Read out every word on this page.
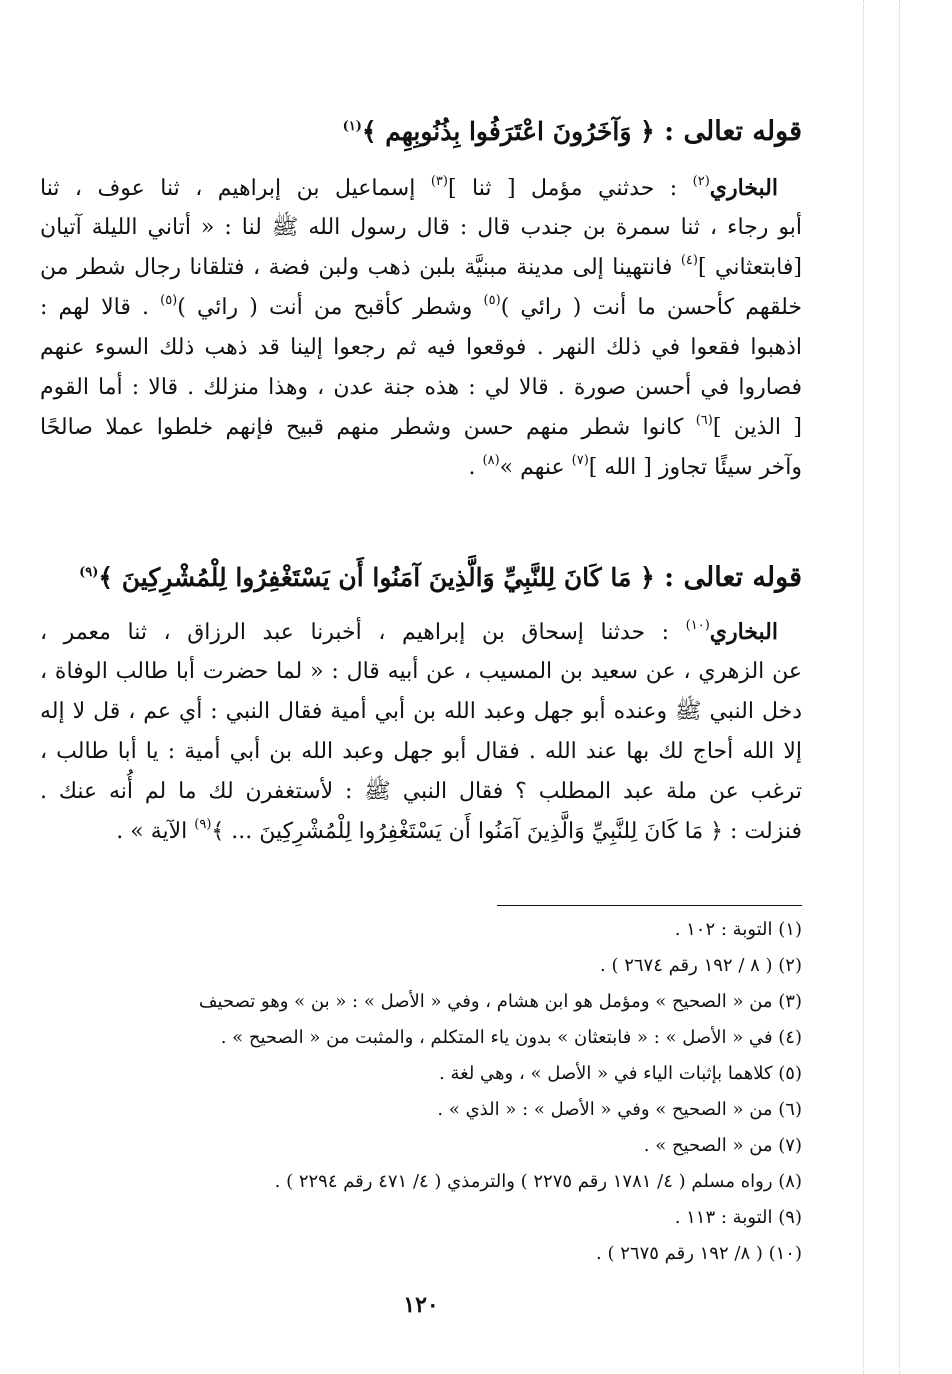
قوله تعالى : ﴿ وَآخَرُونَ اعْتَرَفُوا بِذُنُوبِهِم ﴾$^{(١)}$
البخاري$^{(٢)}$ : حدثني مؤمل [ ثنا ]$^{(٣)}$ إسماعيل بن إبراهيم ، ثنا عوف ، ثنا
أبو رجاء ، ثنا سمرة بن جندب قال : قال رسول الله ﷺ لنا : « أتاني الليلة آتيان
[فابتعثاني ]$^{(٤)}$ فانتهينا إلى مدينة مبنيَّة بلبن ذهب ولبن فضة ، فتلقانا رجال شطر من
خلقهم كأحسن ما أنت ( رائي )$^{(٥)}$ وشطر كأقبح من أنت ( رائي )$^{(٥)}$ . قالا لهم :
اذهبوا فقعوا في ذلك النهر . فوقعوا فيه ثم رجعوا إلينا قد ذهب ذلك السوء عنهم
فصاروا في أحسن صورة . قالا لي : هذه جنة عدن ، وهذا منزلك . قالا : أما القوم
[ الذين ]$^{(٦)}$ كانوا شطر منهم حسن وشطر منهم قبيح فإنهم خلطوا عملا صالحًا
وآخر سيئًا تجاوز [ الله ]$^{(٧)}$ عنهم »$^{(٨)}$ .
قوله تعالى : ﴿ مَا كَانَ لِلنَّبِيِّ وَالَّذِينَ آمَنُوا أَن يَسْتَغْفِرُوا لِلْمُشْرِكِينَ ﴾$^{(٩)}$
البخاري$^{(١٠)}$ : حدثنا إسحاق بن إبراهيم ، أخبرنا عبد الرزاق ، ثنا معمر ،
عن الزهري ، عن سعيد بن المسيب ، عن أبيه قال : « لما حضرت أبا طالب الوفاة ،
دخل النبي ﷺ وعنده أبو جهل وعبد الله بن أبي أمية فقال النبي : أي عم ، قل لا إله
إلا الله أحاج لك بها عند الله . فقال أبو جهل وعبد الله بن أبي أمية : يا أبا طالب ،
ترغب عن ملة عبد المطلب ؟ فقال النبي ﷺ : لأستغفرن لك ما لم أُنه عنك .
فنزلت : ﴿ مَا كَانَ لِلنَّبِيِّ وَالَّذِينَ آمَنُوا أَن يَسْتَغْفِرُوا لِلْمُشْرِكِينَ ... ﴾$^{(٩)}$ الآية » .
(١) التوبة : ١٠٢ .
(٢) ( ٨ / ١٩٢ رقم ٢٦٧٤ ) .
(٣) من « الصحيح » ومؤمل هو ابن هشام ، وفي « الأصل » : « بن » وهو تصحيف
(٤) في « الأصل » : « فابتعثان » بدون ياء المتكلم ، والمثبت من « الصحيح » .
(٥) كلاهما بإثبات الياء في « الأصل » ، وهي لغة .
(٦) من « الصحيح » وفي « الأصل » : « الذي » .
(٧) من « الصحيح » .
(٨) رواه مسلم ( ٤/ ١٧٨١ رقم ٢٢٧٥ ) والترمذي ( ٤/ ٤٧١ رقم ٢٢٩٤ ) .
(٩) التوبة : ١١٣ .
(١٠) ( ٨/ ١٩٢ رقم ٢٦٧٥ ) .
١٢٠
